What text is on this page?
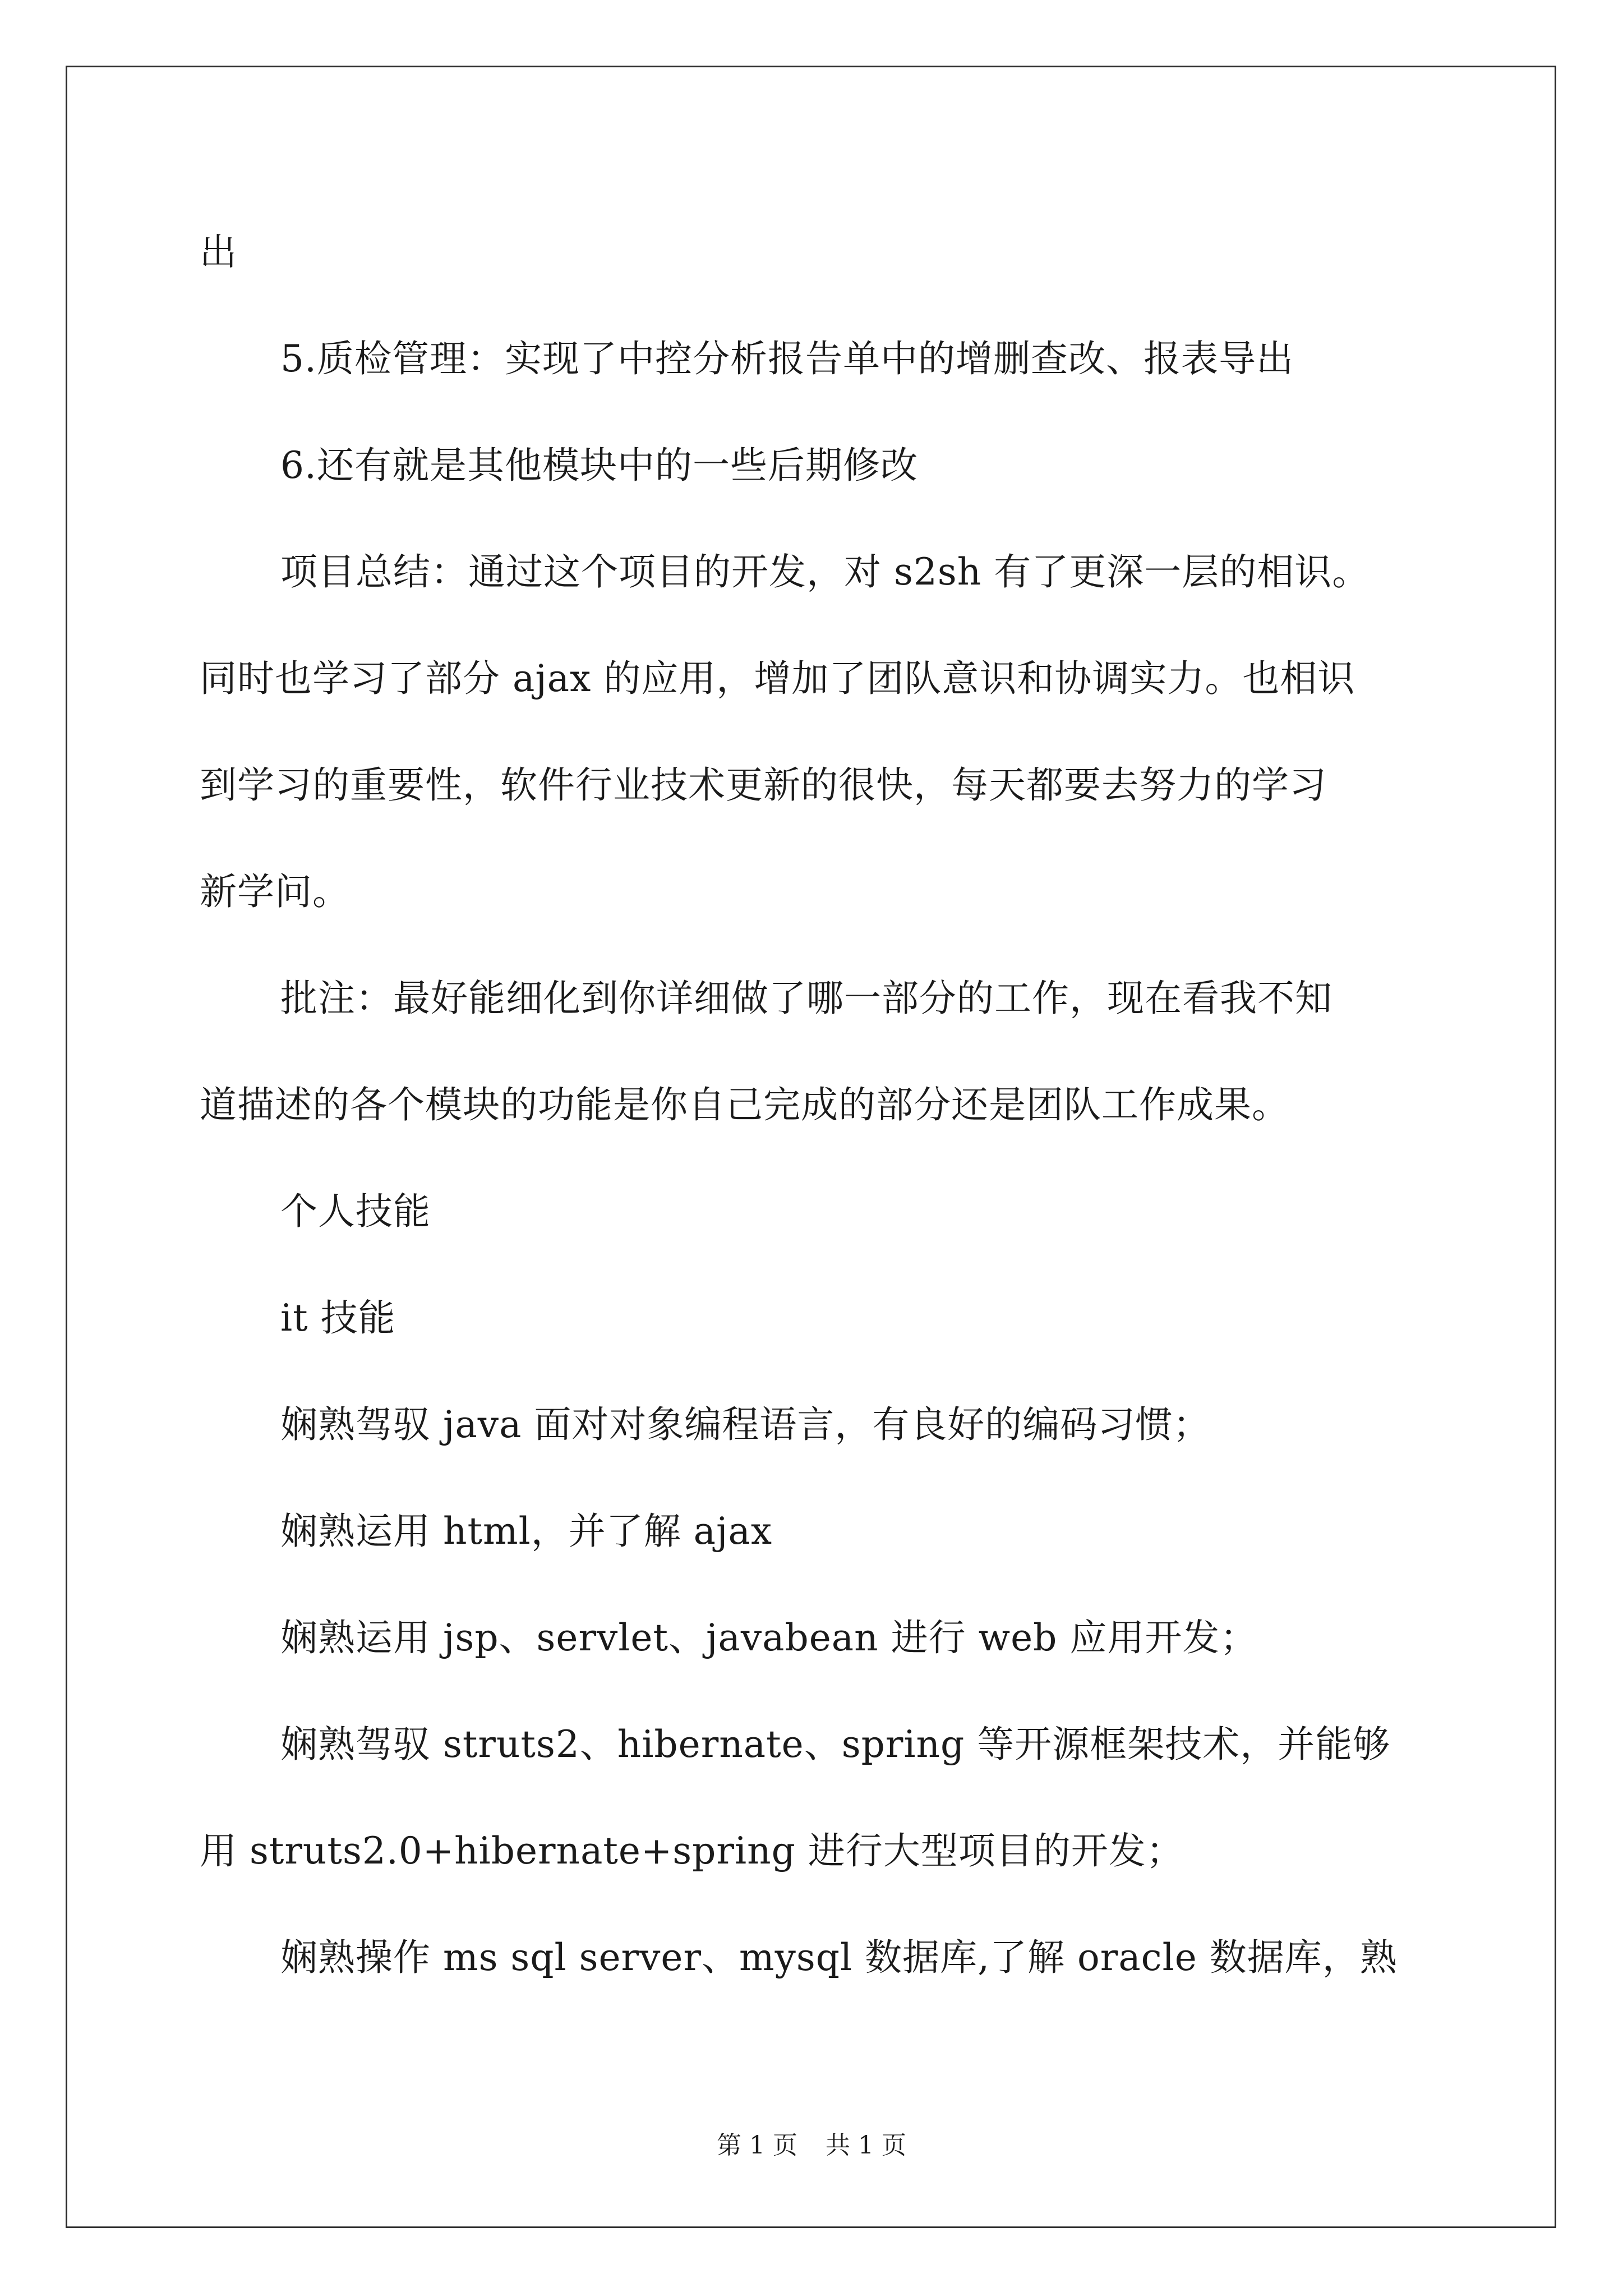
出
5.质检管理：实现了中控分析报告单中的增删查改、报表导出
6.还有就是其他模块中的一些后期修改
项目总结：通过这个项目的开发，对 s2sh 有了更深一层的相识。
同时也学习了部分 ajax 的应用，增加了团队意识和协调实力。也相识
到学习的重要性，软件行业技术更新的很快，每天都要去努力的学习
新学问。
批注：最好能细化到你详细做了哪一部分的工作，现在看我不知
道描述的各个模块的功能是你自己完成的部分还是团队工作成果。
个人技能
it 技能
娴熟驾驭 java 面对对象编程语言，有良好的编码习惯；
娴熟运用 html，并了解 ajax
娴熟运用 jsp、servlet、javabean 进行 web 应用开发；
娴熟驾驭 struts2、hibernate、spring 等开源框架技术，并能够
用 struts2.0+hibernate+spring 进行大型项目的开发；
娴熟操作 ms sql server、mysql 数据库,了解 oracle 数据库，熟
第 1 页 共 1 页
